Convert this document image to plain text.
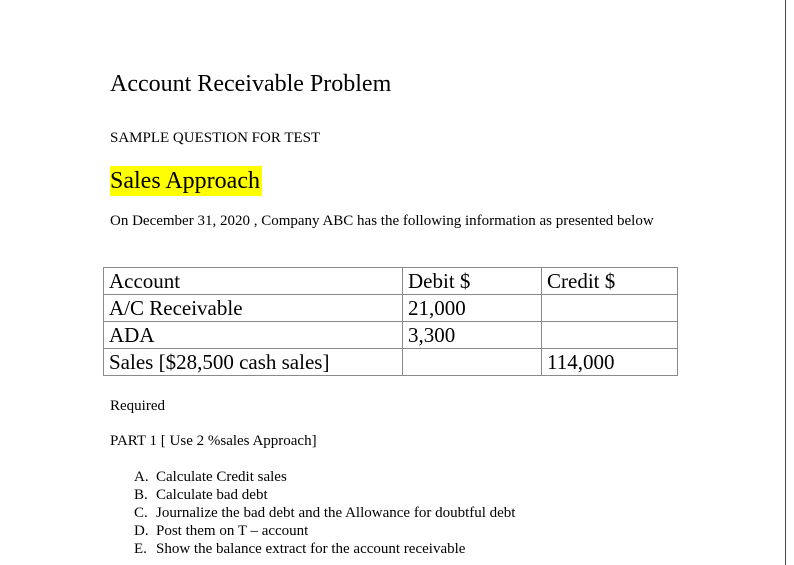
Account Receivable Problem
SAMPLE QUESTION FOR TEST
Sales Approach
On December 31, 2020 , Company ABC has the following information as presented below
Account	Debit $	Credit $
A/C Receivable	21,000	
ADA	3,300	
Sales [$28,500 cash sales]		114,000
Required
PART 1 [ Use 2 %sales Approach]
A. Calculate Credit sales
B. Calculate bad debt
C. Journalize the bad debt and the Allowance for doubtful debt
D. Post them on T – account
E. Show the balance extract for the account receivable
